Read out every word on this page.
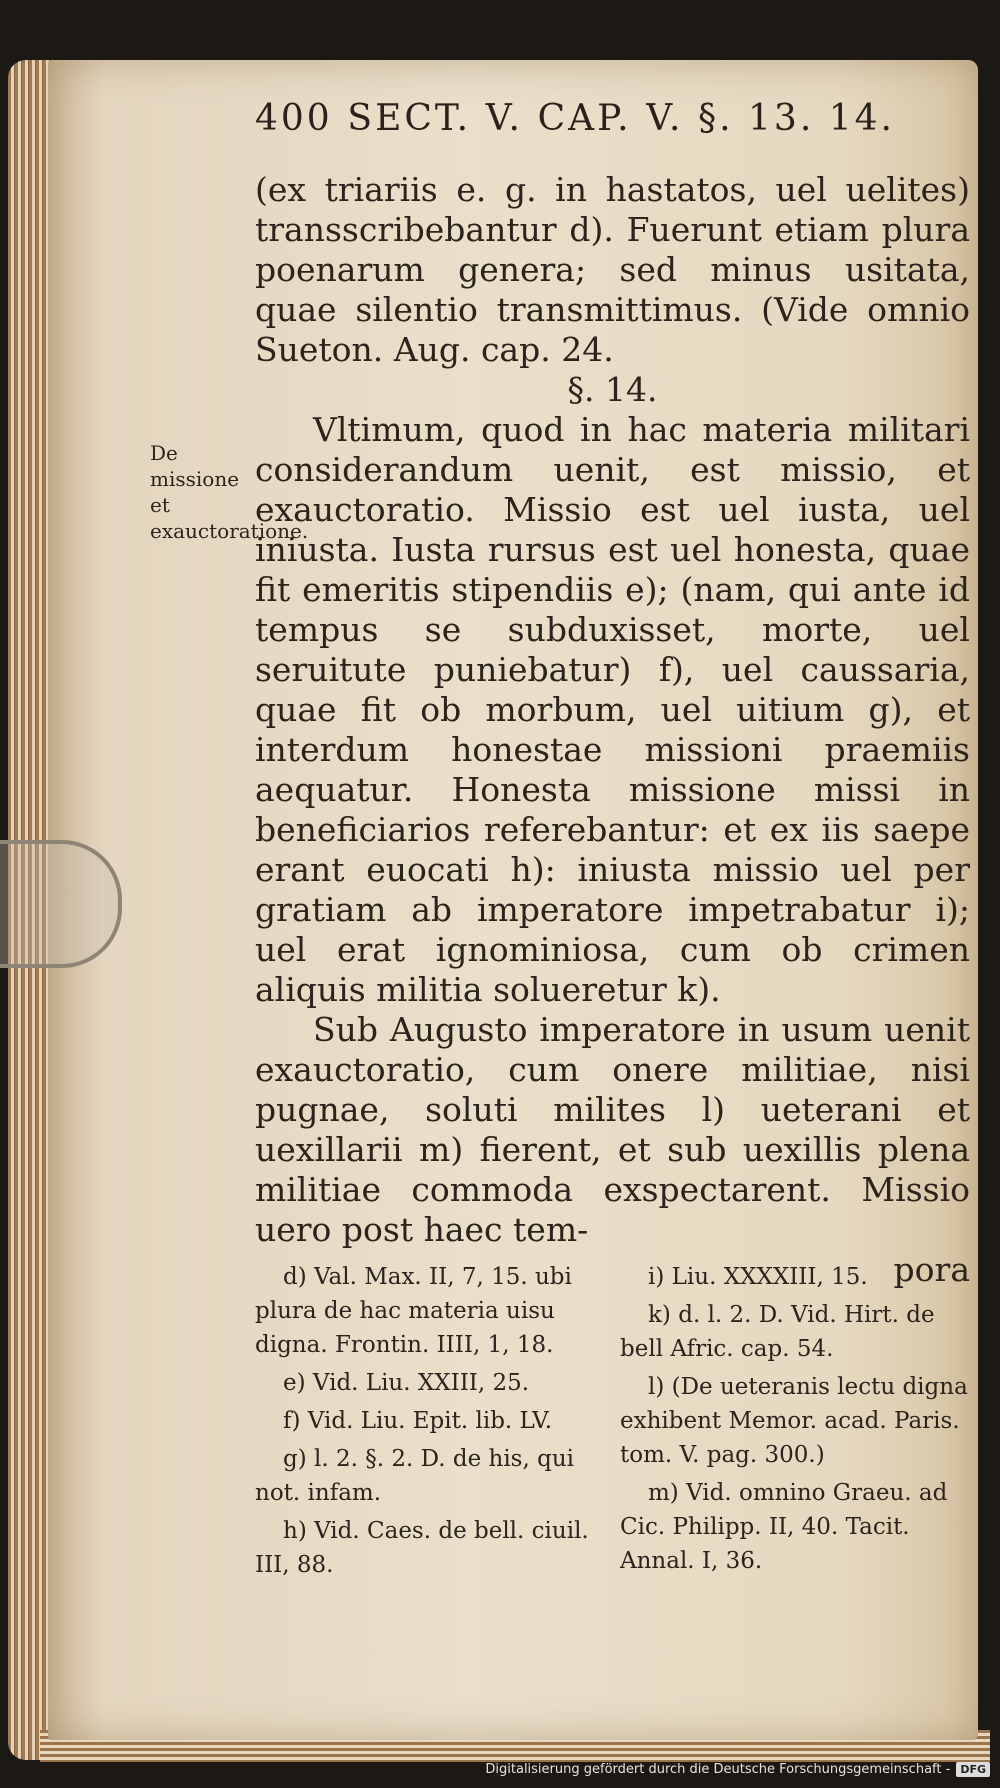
400 SECT. V. CAP. V. §. 13. 14.
De missione et exauctoratione.

(ex triariis e. g. in hastatos, uel uelites) transscribebantur d). Fuerunt etiam plura poenarum genera; sed minus usitata, quae silentio transmittimus. (Vide omnio Sueton. Aug. cap. 24.

§. 14.

Vltimum, quod in hac materia militari considerandum uenit, est missio, et exauctoratio. Missio est uel iusta, uel iniusta. Iusta rursus est uel honesta, quae fit emeritis stipendiis e); (nam, qui ante id tempus se subduxisset, morte, uel seruitute puniebatur) f), uel caussaria, quae fit ob morbum, uel uitium g), et interdum honestae missioni praemiis aequatur. Honesta missione missi in beneficiarios referebantur: et ex iis saepe erant euocati h): iniusta missio uel per gratiam ab imperatore impetrabatur i); uel erat ignominiosa, cum ob crimen aliquis militia solueretur k).

Sub Augusto imperatore in usum uenit exauctoratio, cum onere militiae, nisi pugnae, soluti milites l) ueterani et uexillarii m) fierent, et sub uexillis plena militiae commoda exspectarent. Missio uero post haec tem-

pora

d) Val. Max. II, 7, 15. ubi plura de hac materia uisu digna. Frontin. IIII, 1, 18.

e) Vid. Liu. XXIII, 25.

f) Vid. Liu. Epit. lib. LV.

g) l. 2. §. 2. D. de his, qui not. infam.

h) Vid. Caes. de bell. ciuil. III, 88.

i) Liu. XXXXIII, 15.

k) d. l. 2. D. Vid. Hirt. de bell Afric. cap. 54.

l) (De ueteranis lectu digna exhibent Memor. acad. Paris. tom. V. pag. 300.)

m) Vid. omnino Graeu. ad Cic. Philipp. II, 40. Tacit. Annal. I, 36.

Digitalisierung gefördert durch die Deutsche Forschungsgemeinschaft - DFG
